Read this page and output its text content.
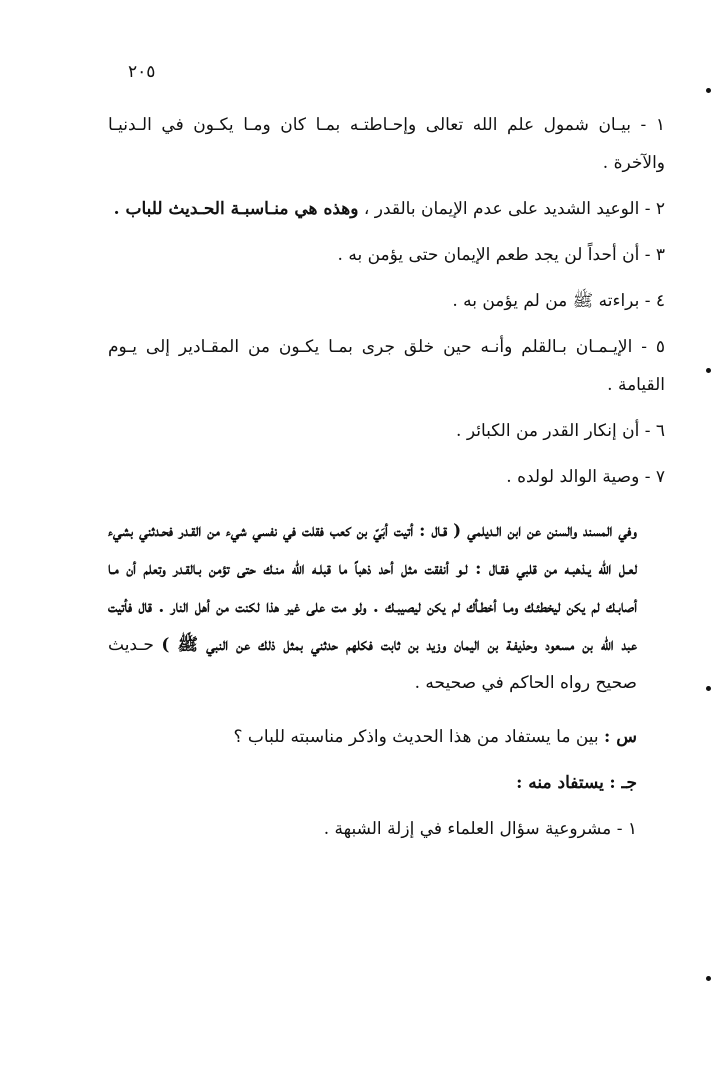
٢٠٥

١ - بيـان شمول علم الله تعالى وإحـاطتـه بمـا كان ومـا يكـون في الـدنيـا والآخرة .

٢ - الوعيد الشديد على عدم الإيمان بالقدر ، وهذه هي منـاسبـة الحـديث للباب .

٣ - أن أحداً لن يجد طعم الإيمان حتى يؤمن به .

٤ - براءته ﷺ من لم يؤمن به .

٥ - الإيـمـان بـالقلم وأنـه حين خلق جرى بمـا يكـون من المقـادير إلى يـوم القيامة .

٦ - أن إنكار القدر من الكبائر .

٧ - وصية الوالد لولده .

وفي المسند والسنن عن ابن الـديلمي ( قـال : أتيت أبَيّ بن كعب فقلت في نفسي شيء من القـدر فحـدثني بشيء لعـل الله يـذهبـه من قلبي فقـال : لـو أنفقت مثل أحد ذهباً ما قبلـه الله منـك حتى تؤمن بـالقـدر وتعلم أن مـا أصابـك لم يكن ليخطئـك ومـا أخطـأك لم يكن ليصيبـك . ولو مت على غير هذا لكنت من أهل النار . قال فأتيت عبد الله بن مسعود وحذيفـة بن اليمان وزيد بن ثابت فكلهم حدثني بمثل ذلك عن النبي ﷺ ) حـديث صحيح رواه الحاكم في صحيحه .

س : بين ما يستفاد من هذا الحديث واذكر مناسبته للباب ؟

جـ : يستفاد منه :

١ - مشروعية سؤال العلماء في إزلة الشبهة .
